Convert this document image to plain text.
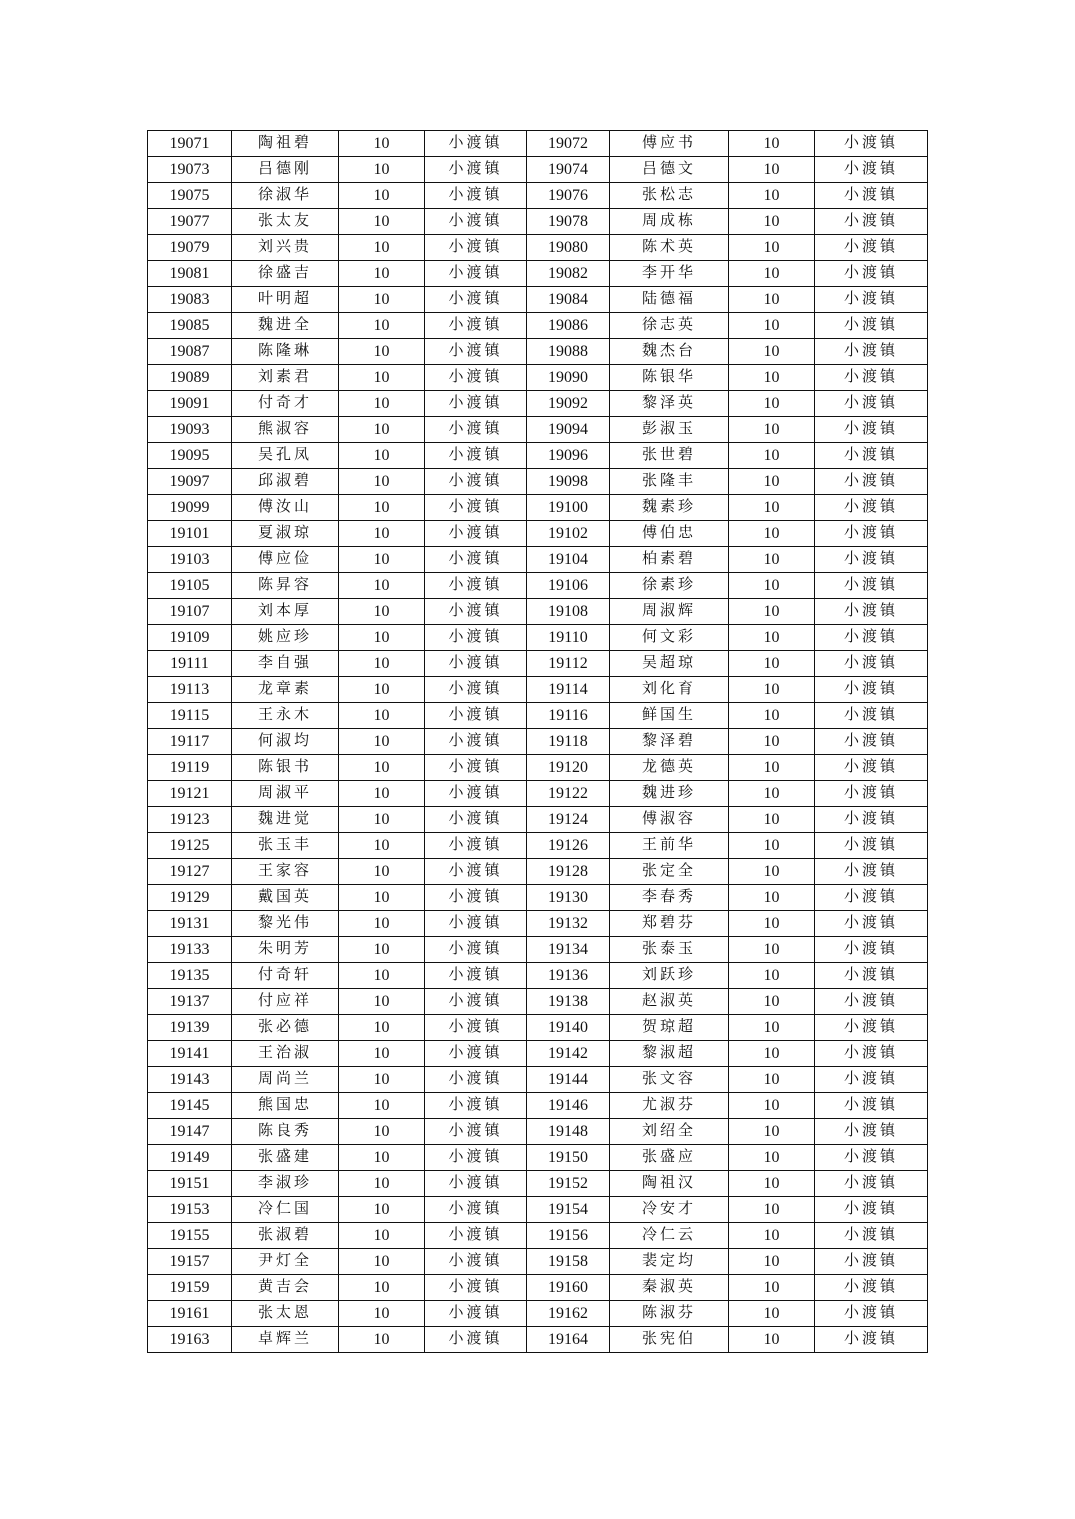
19071	陶祖碧	10	小渡镇	19072	傅应书	10	小渡镇
19073	吕德刚	10	小渡镇	19074	吕德文	10	小渡镇
19075	徐淑华	10	小渡镇	19076	张松志	10	小渡镇
19077	张太友	10	小渡镇	19078	周成栋	10	小渡镇
19079	刘兴贵	10	小渡镇	19080	陈术英	10	小渡镇
19081	徐盛吉	10	小渡镇	19082	李开华	10	小渡镇
19083	叶明超	10	小渡镇	19084	陆德福	10	小渡镇
19085	魏进全	10	小渡镇	19086	徐志英	10	小渡镇
19087	陈隆琳	10	小渡镇	19088	魏杰台	10	小渡镇
19089	刘素君	10	小渡镇	19090	陈银华	10	小渡镇
19091	付奇才	10	小渡镇	19092	黎泽英	10	小渡镇
19093	熊淑容	10	小渡镇	19094	彭淑玉	10	小渡镇
19095	吴孔凤	10	小渡镇	19096	张世碧	10	小渡镇
19097	邱淑碧	10	小渡镇	19098	张隆丰	10	小渡镇
19099	傅汝山	10	小渡镇	19100	魏素珍	10	小渡镇
19101	夏淑琼	10	小渡镇	19102	傅伯忠	10	小渡镇
19103	傅应俭	10	小渡镇	19104	柏素碧	10	小渡镇
19105	陈昇容	10	小渡镇	19106	徐素珍	10	小渡镇
19107	刘本厚	10	小渡镇	19108	周淑辉	10	小渡镇
19109	姚应珍	10	小渡镇	19110	何文彩	10	小渡镇
19111	李自强	10	小渡镇	19112	吴超琼	10	小渡镇
19113	龙章素	10	小渡镇	19114	刘化育	10	小渡镇
19115	王永木	10	小渡镇	19116	鲜国生	10	小渡镇
19117	何淑均	10	小渡镇	19118	黎泽碧	10	小渡镇
19119	陈银书	10	小渡镇	19120	龙德英	10	小渡镇
19121	周淑平	10	小渡镇	19122	魏进珍	10	小渡镇
19123	魏进觉	10	小渡镇	19124	傅淑容	10	小渡镇
19125	张玉丰	10	小渡镇	19126	王前华	10	小渡镇
19127	王家容	10	小渡镇	19128	张定全	10	小渡镇
19129	戴国英	10	小渡镇	19130	李春秀	10	小渡镇
19131	黎光伟	10	小渡镇	19132	郑碧芬	10	小渡镇
19133	朱明芳	10	小渡镇	19134	张泰玉	10	小渡镇
19135	付奇轩	10	小渡镇	19136	刘跃珍	10	小渡镇
19137	付应祥	10	小渡镇	19138	赵淑英	10	小渡镇
19139	张必德	10	小渡镇	19140	贺琼超	10	小渡镇
19141	王治淑	10	小渡镇	19142	黎淑超	10	小渡镇
19143	周尚兰	10	小渡镇	19144	张文容	10	小渡镇
19145	熊国忠	10	小渡镇	19146	尤淑芬	10	小渡镇
19147	陈良秀	10	小渡镇	19148	刘绍全	10	小渡镇
19149	张盛建	10	小渡镇	19150	张盛应	10	小渡镇
19151	李淑珍	10	小渡镇	19152	陶祖汉	10	小渡镇
19153	冷仁国	10	小渡镇	19154	冷安才	10	小渡镇
19155	张淑碧	10	小渡镇	19156	冷仁云	10	小渡镇
19157	尹灯全	10	小渡镇	19158	裴定均	10	小渡镇
19159	黄吉会	10	小渡镇	19160	秦淑英	10	小渡镇
19161	张太恩	10	小渡镇	19162	陈淑芬	10	小渡镇
19163	卓辉兰	10	小渡镇	19164	张宪伯	10	小渡镇
